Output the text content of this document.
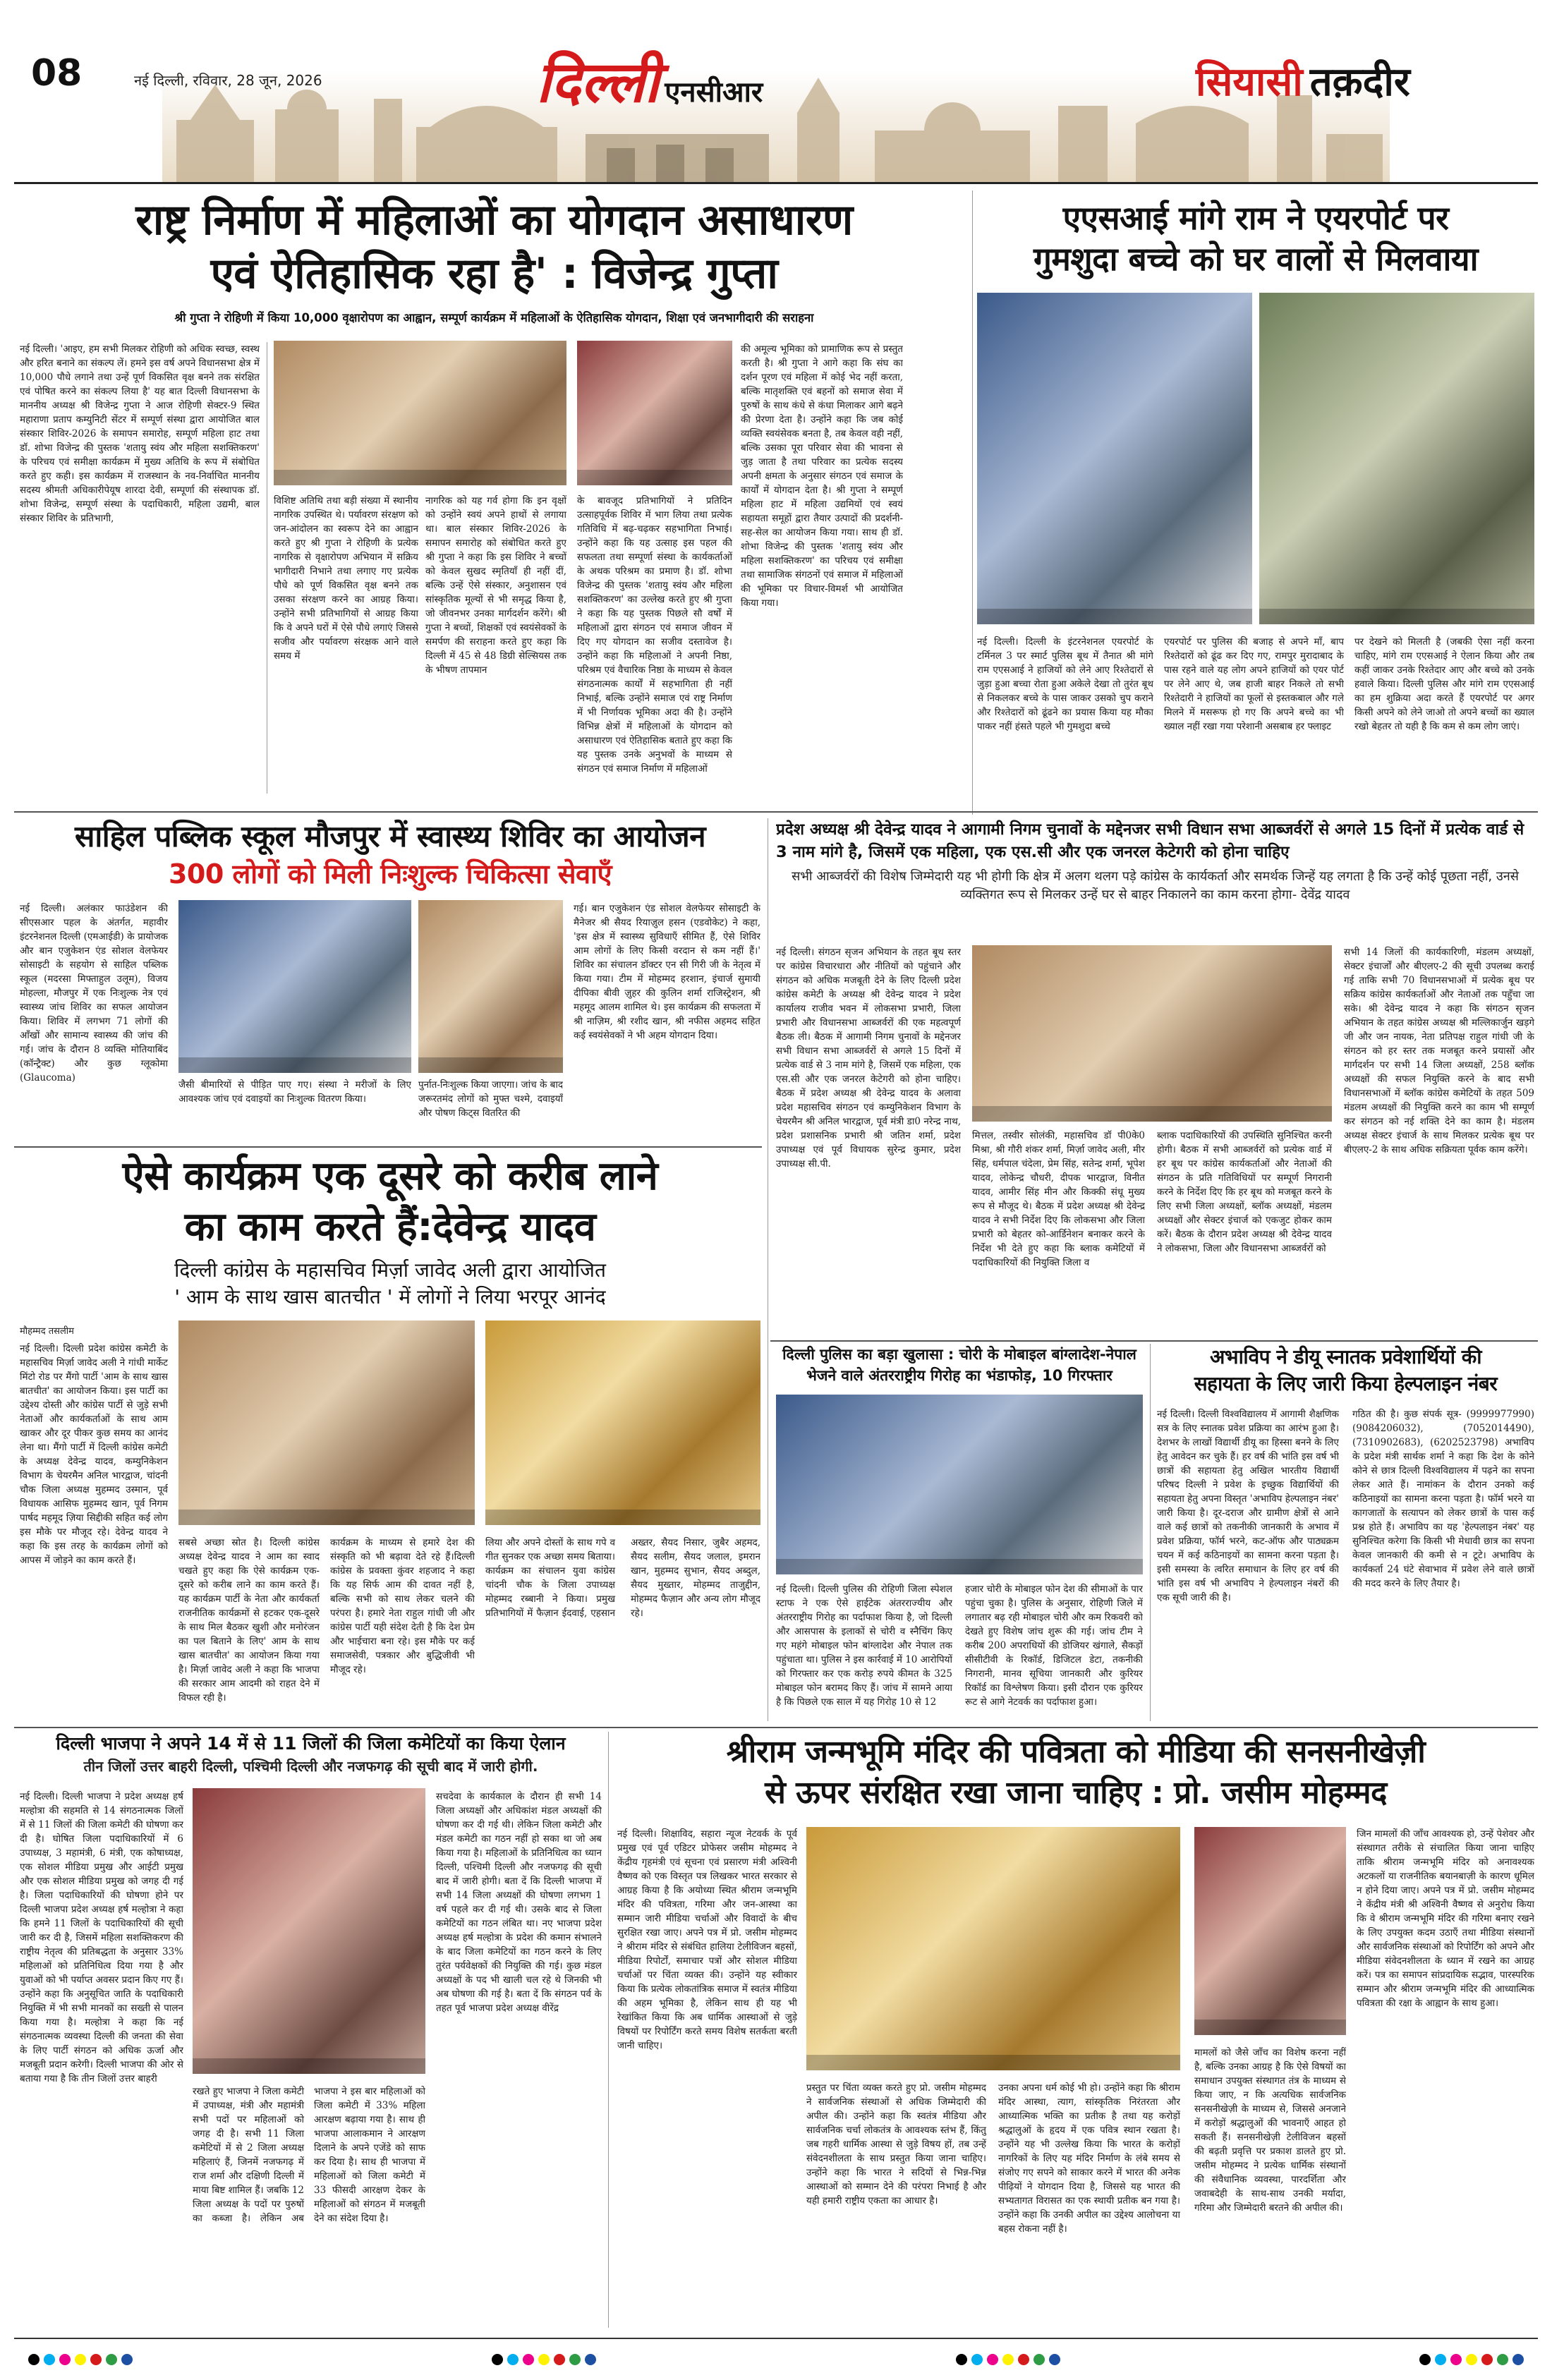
08	नई दिल्ली, रविवार, 28 जून, 2026	दिल्ली एनसीआर	सियासी तक़दीर
राष्ट्र निर्माण में महिलाओं का योगदान असाधारण
एवं ऐतिहासिक रहा है' : विजेन्द्र गुप्ता
श्री गुप्ता ने रोहिणी में किया 10,000 वृक्षारोपण का आह्वान, सम्पूर्ण कार्यक्रम में महिलाओं के ऐतिहासिक योगदान, शिक्षा एवं जनभागीदारी की सराहना
नई दिल्ली। 'आइए, हम सभी मिलकर रोहिणी को अधिक स्वच्छ, स्वस्थ और हरित बनाने का संकल्प लें। हमने इस वर्ष अपने विधानसभा क्षेत्र में 10,000 पौधे लगाने तथा उन्हें पूर्ण विकसित वृक्ष बनने तक संरक्षित एवं पोषित करने का संकल्प लिया है' यह बात दिल्ली विधानसभा के माननीय अध्यक्ष श्री विजेन्द्र गुप्ता ने आज रोहिणी सेक्टर-9 स्थित महाराणा प्रताप कम्युनिटी सेंटर में सम्पूर्ण संस्था द्वारा आयोजित बाल संस्कार शिविर-2026 के समापन समारोह, सम्पूर्ण महिला हाट तथा डॉ. शोभा विजेन्द्र की पुस्तक 'शतायु स्वंय और महिला सशक्तिकरण' के परिचय एवं समीक्षा कार्यक्रम में मुख्य अतिथि के रूप में संबोधित करते हुए कही। इस कार्यक्रम में राजस्थान के नव-निर्वाचित माननीय सदस्य श्रीमती अधिकारीपेयूष शारदा देवी, सम्पूर्णा की संस्थापक डॉ. शोभा विजेन्द्र, सम्पूर्ण संस्था के पदाधिकारी, महिला उद्यमी, बाल संस्कार शिविर के प्रतिभागी,
विशिष्ट अतिथि तथा बड़ी संख्या में स्थानीय नागरिक उपस्थित थे। पर्यावरण संरक्षण को जन-आंदोलन का स्वरूप देने का आह्वान करते हुए श्री गुप्ता ने रोहिणी के प्रत्येक नागरिक से वृक्षारोपण अभियान में सक्रिय भागीदारी निभाने तथा लगाए गए प्रत्येक पौधे को पूर्ण विकसित वृक्ष बनने तक उसका संरक्षण करने का आग्रह किया। उन्होंने सभी प्रतिभागियों से आग्रह किया कि वे अपने घरों में ऐसे पौधे लगाएं जिससे सजीव और पर्यावरण संरक्षक आने वाले समय में
नागरिक को यह गर्व होगा कि इन वृक्षों को उन्होंने स्वयं अपने हाथों से लगाया था। बाल संस्कार शिविर-2026 के समापन समारोह को संबोधित करते हुए श्री गुप्ता ने कहा कि इस शिविर ने बच्चों को केवल सुखद स्मृतियाँ ही नहीं दीं, बल्कि उन्हें ऐसे संस्कार, अनुशासन एवं सांस्कृतिक मूल्यों से भी समृद्ध किया है, जो जीवनभर उनका मार्गदर्शन करेंगे। श्री गुप्ता ने बच्चों, शिक्षकों एवं स्वयंसेवकों के समर्पण की सराहना करते हुए कहा कि दिल्ली में 45 से 48 डिग्री सेल्सियस तक के भीषण तापमान
के बावजूद प्रतिभागियों ने प्रतिदिन उत्साहपूर्वक शिविर में भाग लिया तथा प्रत्येक गतिविधि में बढ़-चढ़कर सहभागिता निभाई। उन्होंने कहा कि यह उत्साह इस पहल की सफलता तथा सम्पूर्णा संस्था के कार्यकर्ताओं के अथक परिश्रम का प्रमाण है। डॉ. शोभा विजेन्द्र की पुस्तक 'शतायु स्वंय और महिला सशक्तिकरण' का उल्लेख करते हुए श्री गुप्ता ने कहा कि यह पुस्तक पिछले सौ वर्षों में महिलाओं द्वारा संगठन एवं समाज जीवन में दिए गए योगदान का सजीव दस्तावेज है। उन्होंने कहा कि महिलाओं ने अपनी निष्ठा, परिश्रम एवं वैचारिक निष्ठा के माध्यम से केवल संगठनात्मक कार्यों में सहभागिता ही नहीं निभाई, बल्कि उन्होंने समाज एवं राष्ट्र निर्माण में भी निर्णायक भूमिका अदा की है। उन्होंने विभिन्न क्षेत्रों में महिलाओं के योगदान को असाधारण एवं ऐतिहासिक बताते हुए कहा कि यह पुस्तक उनके अनुभवों के माध्यम से संगठन एवं समाज निर्माण में महिलाओं
की अमूल्य भूमिका को प्रामाणिक रूप से प्रस्तुत करती है। श्री गुप्ता ने आगे कहा कि संघ का दर्शन पूरण एवं महिला में कोई भेद नहीं करता, बल्कि मातृशक्ति एवं बहनों को समाज सेवा में पुरुषों के साथ कंधे से कंधा मिलाकर आगे बढ़ने की प्रेरणा देता है। उन्होंने कहा कि जब कोई व्यक्ति स्वयंसेवक बनता है, तब केवल वही नहीं, बल्कि उसका पूरा परिवार सेवा की भावना से जुड़ जाता है तथा परिवार का प्रत्येक सदस्य अपनी क्षमता के अनुसार संगठन एवं समाज के कार्यों में योगदान देता है। श्री गुप्ता ने सम्पूर्ण महिला हाट में महिला उद्यमियों एवं स्वयं सहायता समूहों द्वारा तैयार उत्पादों की प्रदर्शनी-सह-सेल का आयोजन किया गया। साथ ही डॉ. शोभा विजेन्द्र की पुस्तक 'शतायु स्वंय और महिला सशक्तिकरण' का परिचय एवं समीक्षा तथा सामाजिक संगठनों एवं समाज में महिलाओं की भूमिका पर विचार-विमर्श भी आयोजित किया गया।
एएसआई मांगे राम ने एयरपोर्ट पर
गुमशुदा बच्चे को घर वालों से मिलवाया
नई दिल्ली। दिल्ली के इंटरनेशनल एयरपोर्ट के टर्मिनल 3 पर स्मार्ट पुलिस बूथ में तैनात श्री मांगे राम एएसआई ने हाजियों को लेने आए रिश्तेदारों से जुड़ा हुआ बच्चा रोता हुआ अकेले देखा तो तुरंत बूथ से निकलकर बच्चे के पास जाकर उसको चुप कराने और रिश्तेदारों को ढूंढने का प्रयास किया यह मौका पाकर नहीं हंसते पहले भी गुमशुदा बच्चे
एयरपोर्ट पर पुलिस की बजाह से अपने माँ, बाप रिश्तेदारों को ढूंढ कर दिए गए, रामपुर मुरादाबाद के पास रहने वाले यह लोग अपने हाजियों को एयर पोर्ट पर लेने आए थे, जब हाजी बाहर निकले तो सभी रिश्तेदारी ने हाजियों का फूलों से इस्तकबाल और गले मिलने में मसरूफ हो गए कि अपने बच्चे का भी ख्याल नहीं रखा गया परेशानी असबाब हर फ्लाइट
पर देखने को मिलती है (जबकी ऐसा नहीं करना चाहिए, मांगे राम एएसआई ने ऐलान किया और तब कहीं जाकर उनके रिश्तेदार आए और बच्चे को उनके हवाले किया। दिल्ली पुलिस और मांगे राम एएसआई का हम शुक्रिया अदा करते हैं एयरपोर्ट पर अगर किसी अपने को लेने जाओ तो अपने बच्चों का ख्याल रखो बेहतर तो यही है कि कम से कम लोग जाएं।
साहिल पब्लिक स्कूल मौजपुर में स्वास्थ्य शिविर का आयोजन
300 लोगों को मिली निःशुल्क चिकित्सा सेवाएँ
नई दिल्ली। अलंकार फाउंडेशन की सीएसआर पहल के अंतर्गत, महावीर इंटरनेशनल दिल्ली (एमआईडी) के प्रायोजक और बान एजुकेशन एंड सोशल वेलफेयर सोसाइटी के सहयोग से साहिल पब्लिक स्कूल (मदरसा मिफ्ताहुल उलूम), विजय मोहल्ला, मौजपुर में एक निःशुल्क नेत्र एवं स्वास्थ्य जांच शिविर का सफल आयोजन किया। शिविर में लगभग 71 लोगों की आँखों और सामान्य स्वास्थ्य की जांच की गई। जांच के दौरान 8 व्यक्ति मोतियाबिंद (कॉन्ट्रैक्ट) और कुछ ग्लूकोमा (Glaucoma)
जैसी बीमारियों से पीड़ित पाए गए। संस्था ने मरीजों के लिए आवश्यक जांच एवं दवाइयों का निःशुल्क वितरण किया।
पुर्नात-निःशुल्क किया जाएगा। जांच के बाद जरूरतमंद लोगों को मुफ्त चश्मे, दवाइयाँ और पोषण किट्स वितरित की
गई। बान एजुकेशन एंड सोशल वेलफेयर सोसाइटी के मैनेजर श्री सैयद रियाज़ुल हसन (एडवोकेट) ने कहा, 'इस क्षेत्र में स्वास्थ्य सुविधाएँ सीमित हैं, ऐसे शिविर आम लोगों के लिए किसी वरदान से कम नहीं हैं।' शिविर का संचालन डॉक्टर एन सी गिरी जी के नेतृत्व में किया गया। टीम में मोहम्मद हरशान, इंचार्ज सुमायी दीपिका बीवी ज़ुहर की कुलिन शर्मा राजिस्ट्रेशन, श्री महमूद आलम शामिल थे। इस कार्यक्रम की सफलता में श्री नाज़िम, श्री रशीद खान, श्री नफीस अहमद सहित कई स्वयंसेवकों ने भी अहम योगदान दिया।
प्रदेश अध्यक्ष श्री देवेन्द्र यादव ने आगामी निगम चुनावों के मद्देनजर सभी विधान सभा आब्जर्वरों से अगले 15 दिनों में प्रत्येक वार्ड से 3 नाम मांगे है, जिसमें एक महिला, एक एस.सी और एक जनरल केटेगरी को होना चाहिए
सभी आब्जर्वरों की विशेष जिम्मेदारी यह भी होगी कि क्षेत्र में अलग थलग पड़े कांग्रेस के कार्यकर्ता और समर्थक जिन्हें यह लगता है कि उन्हें कोई पूछता नहीं, उनसे व्यक्तिगत रूप से मिलकर उन्हें घर से बाहर निकालने का काम करना होगा- देवेंद्र यादव
नई दिल्ली। संगठन सृजन अभियान के तहत बूथ स्तर पर कांग्रेस विचारधारा और नीतियों को पहुंचाने और संगठन को अधिक मजबूती देने के लिए दिल्ली प्रदेश कांग्रेस कमेटी के अध्यक्ष श्री देवेन्द्र यादव ने प्रदेश कार्यालय राजीव भवन में लोकसभा प्रभारी, जिला प्रभारी और विधानसभा आब्जर्वरों की एक महत्वपूर्ण बैठक ली। बैठक में आगामी निगम चुनावों के मद्देनजर सभी विधान सभा आब्जर्वरों से अगले 15 दिनों में प्रत्येक वार्ड से 3 नाम मांगे है, जिसमें एक महिला, एक एस.सी और एक जनरल केटेगरी को होना चाहिए। बैठक में प्रदेश अध्यक्ष श्री देवेन्द्र यादव के अलावा प्रदेश महासचिव संगठन एवं कम्युनिकेशन विभाग के चेयरमैन श्री अनिल भारद्वाज, पूर्व मंत्री डा0 नरेन्द्र नाथ, प्रदेश प्रशासनिक प्रभारी श्री जतिन शर्मा, प्रदेश उपाध्यक्ष एवं पूर्व विधायक सुरेन्द्र कुमार, प्रदेश उपाध्यक्ष सी.पी.
मित्तल, तस्वीर सोलंकी, महासचिव डॉ पी0के0 मिश्रा, श्री गौरी शंकर शर्मा, मिर्ज़ा जावेद अली, मीर सिंह, धर्मपाल चंदेला, प्रेम सिंह, सतेन्द्र शर्मा, भूपेश यादव, लोकेन्द्र चौधरी, दीपक भारद्वाज, विनीत यादव, आमीर सिंह मीन और किक्की संधू मुख्य रूप से मौजूद थे। बैठक में प्रदेश अध्यक्ष श्री देवेन्द्र यादव ने सभी निर्देश दिए कि लोकसभा और जिला प्रभारी को बेहतर को-आर्डिनेशन बनाकर करने के निर्देश भी देते हुए कहा कि ब्लाक कमेटियों में पदाधिकारियों की नियुक्ति जिला व
ब्लाक पदाधिकारियों की उपस्थिति सुनिश्चित करनी होगी। बैठक में सभी आब्जर्वरों को प्रत्येक वार्ड में हर बूथ पर कांग्रेस कार्यकर्ताओं और नेताओं की संगठन के प्रति गतिविधियों पर सम्पूर्ण निगरानी करने के निर्देश दिए कि हर बूथ को मजबूत करने के लिए सभी जिला अध्यक्षों, ब्लॉक अध्यक्षों, मंडलम अध्यक्षों और सेक्टर इंचार्ज को एकजुट होकर काम करें। बैठक के दौरान प्रदेश अध्यक्ष श्री देवेन्द्र यादव ने लोकसभा, जिला और विधानसभा आब्जर्वरों को
सभी 14 जिलों की कार्यकारिणी, मंडलम अध्यक्षों, सेक्टर इंचार्जों और बीएलए-2 की सूची उपलब्ध कराई गई ताकि सभी 70 विधानसभाओं में प्रत्येक बूथ पर सक्रिय कांग्रेस कार्यकर्ताओं और नेताओं तक पहुँचा जा सके। श्री देवेन्द्र यादव ने कहा कि संगठन सृजन अभियान के तहत कांग्रेस अध्यक्ष श्री मल्लिकार्जुन खड़गे जी और जन नायक, नेता प्रतिपक्ष राहुल गांधी जी के संगठन को हर स्तर तक मजबूत करने प्रयासों और मार्गदर्शन पर सभी 14 जिला अध्यक्षों, 258 ब्लॉक अध्यक्षों की सफल नियुक्ति करने के बाद सभी विधानसभाओं में ब्लॉक कांग्रेस कमेटियों के तहत 509 मंडलम अध्यक्षों की नियुक्ति करने का काम भी सम्पूर्ण कर संगठन को नई शक्ति देने का काम है। मंडलम अध्यक्ष सेक्टर इंचार्ज के साथ मिलकर प्रत्येक बूथ पर बीएलए-2 के साथ अधिक सक्रियता पूर्वक काम करेंगे।
ऐसे कार्यक्रम एक दूसरे को करीब लाने
का काम करते हैं:देवेन्द्र यादव
दिल्ली कांग्रेस के महासचिव मिर्ज़ा जावेद अली द्वारा आयोजित
' आम के साथ खास बातचीत ' में लोगों ने लिया भरपूर आनंद
मौहम्मद तसलीम
नई दिल्ली। दिल्ली प्रदेश कांग्रेस कमेटी के महासचिव मिर्ज़ा जावेद अली ने गांधी मार्केट मिंटो रोड पर मैंगो पार्टी 'आम के साथ खास बातचीत' का आयोजन किया। इस पार्टी का उद्देश्य दोस्ती और कांग्रेस पार्टी से जुड़े सभी नेताओं और कार्यकर्ताओं के साथ आम खाकर और दूर पीकर कुछ समय का आनंद लेना था। मैंगो पार्टी में दिल्ली कांग्रेस कमेटी के अध्यक्ष देवेन्द्र यादव, कम्युनिकेशन विभाग के चेयरमैन अनिल भारद्वाज, चांदनी चौक जिला अध्यक्ष मुहम्मद उस्मान, पूर्व विधायक आसिफ मुहम्मद खान, पूर्व निगम पार्षद महमूद ज़िया सिद्दीकी सहित कई लोग इस मौके पर मौजूद रहे। देवेन्द्र यादव ने कहा कि इस तरह के कार्यक्रम लोगों को आपस में जोड़ने का काम करते हैं।
सबसे अच्छा स्रोत है। दिल्ली कांग्रेस अध्यक्ष देवेन्द्र यादव ने आम का स्वाद चखते हुए कहा कि ऐसे कार्यक्रम एक-दूसरे को करीब लाने का काम करते हैं। यह कार्यक्रम पार्टी के नेता और कार्यकर्ता राजनीतिक कार्यक्रमों से हटकर एक-दूसरे के साथ मिल बैठकर खुशी और मनोरंजन का पल बिताने के लिए' आम के साथ खास बातचीत' का आयोजन किया गया है। मिर्ज़ा जावेद अली ने कहा कि भाजपा की सरकार आम आदमी को राहत देने में विफल रही है।
कार्यक्रम के माध्यम से हमारे देश की संस्कृति को भी बढ़ावा देते रहे हैं।दिल्ली कांग्रेस के प्रवक्ता कुंवर शहजाद ने कहा कि यह सिर्फ आम की दावत नहीं है, बल्कि सभी को साथ लेकर चलने की परंपरा है। हमारे नेता राहुल गांधी जी और कांग्रेस पार्टी यही संदेश देती है कि देश प्रेम और भाईचारा बना रहे। इस मौके पर कई समाजसेवी, पत्रकार और बुद्धिजीवी भी मौजूद रहे।
लिया और अपने दोस्तों के साथ गपे व गीत सुनकर एक अच्छा समय बिताया। कार्यक्रम का संचालन युवा कांग्रेस चांदनी चौक के जिला उपाध्यक्ष मोहम्मद रब्बानी ने किया। प्रमुख प्रतिभागियों में फैज़ान ईदवाई, एहसान अख्तर, सैयद निसार, जुबैर अहमद, सैयद सलीम, सैयद जलाल, इमरान खान, मुहम्मद सुभान, सैयद अब्दुल, सैयद मुख्तार, मोहम्मद ताजुद्दीन, मोहम्मद फैज़ान और अन्य लोग मौजूद रहे।
दिल्ली पुलिस का बड़ा खुलासा : चोरी के मोबाइल बांग्लादेश-नेपाल
भेजने वाले अंतरराष्ट्रीय गिरोह का भंडाफोड़, 10 गिरफ्तार
नई दिल्ली। दिल्ली पुलिस की रोहिणी जिला स्पेशल स्टाफ ने एक ऐसे हाईटेक अंतरराज्यीय और अंतरराष्ट्रीय गिरोह का पर्दाफाश किया है, जो दिल्ली और आसपास के इलाकों से चोरी व स्नैचिंग किए गए महंगे मोबाइल फोन बांग्लादेश और नेपाल तक पहुंचाता था। पुलिस ने इस कार्रवाई में 10 आरोपियों को गिरफ्तार कर एक करोड़ रुपये कीमत के 325 मोबाइल फोन बरामद किए हैं। जांच में सामने आया है कि पिछले एक साल में यह गिरोह 10 से 12
हजार चोरी के मोबाइल फोन देश की सीमाओं के पार पहुंचा चुका है। पुलिस के अनुसार, रोहिणी जिले में लगातार बढ़ रही मोबाइल चोरी और कम रिकवरी को देखते हुए विशेष जांच शुरू की गई। जांच टीम ने करीब 200 अपराधियों की डोजियर खंगाले, सैकड़ों सीसीटीवी के रिकॉर्ड, डिजिटल डेटा, तकनीकी निगरानी, मानव सूचिया जानकारी और कुरियर रिकॉर्ड का विश्लेषण किया। इसी दौरान एक कुरियर रूट से आगे नेटवर्क का पर्दाफाश हुआ।
अभाविप ने डीयू स्नातक प्रवेशार्थियों की
सहायता के लिए जारी किया हेल्पलाइन नंबर
नई दिल्ली। दिल्ली विश्वविद्यालय में आगामी शैक्षणिक सत्र के लिए स्नातक प्रवेश प्रक्रिया का आरंभ हुआ है। देशभर के लाखों विद्यार्थी डीयू का हिस्सा बनने के लिए हेतु आवेदन कर चुके हैं। हर वर्ष की भांति इस वर्ष भी छात्रों की सहायता हेतु अखिल भारतीय विद्यार्थी परिषद दिल्ली ने प्रवेश के इच्छुक विद्यार्थियों की सहायता हेतु अपना विस्तृत 'अभाविप हेल्पलाइन नंबर' जारी किया है। दूर-दराज और ग्रामीण क्षेत्रों से आने वाले कई छात्रों को तकनीकी जानकारी के अभाव में प्रवेश प्रक्रिया, फॉर्म भरने, कट-ऑफ और पाठ्यक्रम चयन में कई कठिनाइयों का सामना करना पड़ता है। इसी समस्या के त्वरित समाधान के लिए हर वर्ष की भांति इस वर्ष भी अभाविप ने हेल्पलाइन नंबरों की एक सूची जारी की है।
गठित की है। कुछ संपर्क सूत्र- (9999977990) (9084206032), (7052014490), (7310902683), (6202523798) अभाविप के प्रदेश मंत्री सार्थक शर्मा ने कहा कि देश के कोने कोने से छात्र दिल्ली विश्वविद्यालय में पढ़ने का सपना लेकर आते हैं। नामांकन के दौरान उनको कई कठिनाइयों का सामना करना पड़ता है। फॉर्म भरने या कागजातों के सत्यापन को लेकर छात्रों के पास कई प्रश्न होते हैं। अभाविप का यह 'हेल्पलाइन नंबर' यह सुनिश्चित करेगा कि किसी भी मेधावी छात्र का सपना केवल जानकारी की कमी से न टूटे। अभाविप के कार्यकर्ता 24 घंटे सेवाभाव में प्रवेश लेने वाले छात्रों की मदद करने के लिए तैयार है।
दिल्ली भाजपा ने अपने 14 में से 11 जिलों की जिला कमेटियों का किया ऐलान
तीन जिलों उत्तर बाहरी दिल्ली, पश्चिमी दिल्ली और नजफगढ़ की सूची बाद में जारी होगी.
नई दिल्ली। दिल्ली भाजपा ने प्रदेश अध्यक्ष हर्ष मल्होत्रा की सहमति से 14 संगठनात्मक जिलों में से 11 जिलों की जिला कमेटी की घोषणा कर दी है। घोषित जिला पदाधिकारियों में 6 उपाध्यक्ष, 3 महामंत्री, 6 मंत्री, एक कोषाध्यक्ष, एक सोशल मीडिया प्रमुख और आईटी प्रमुख और एक सोशल मीडिया प्रमुख को जगह दी गई है। जिला पदाधिकारियों की घोषणा होने पर दिल्ली भाजपा प्रदेश अध्यक्ष हर्ष मल्होत्रा ने कहा कि हमने 11 जिलों के पदाधिकारियों की सूची जारी कर दी है, जिसमें महिला सशक्तिकरण की राष्ट्रीय नेतृत्व की प्रतिबद्धता के अनुसार 33% महिलाओं को प्रतिनिधित्व दिया गया है और युवाओं को भी पर्याप्त अवसर प्रदान किए गए हैं। उन्होंने कहा कि अनुसूचित जाति के पदाधिकारी नियुक्ति में भी सभी मानकों का सख्ती से पालन किया गया है। मल्होत्रा ने कहा कि नई संगठनात्मक व्यवस्था दिल्ली की जनता की सेवा के लिए पार्टी संगठन को अधिक ऊर्जा और मजबूती प्रदान करेगी। दिल्ली भाजपा की ओर से बताया गया है कि तीन जिलों उत्तर बाहरी
सचदेवा के कार्यकाल के दौरान ही सभी 14 जिला अध्यक्षों और अधिकांश मंडल अध्यक्षों की घोषणा कर दी गई थी। लेकिन जिला कमेटी और मंडल कमेटी का गठन नहीं हो सका था जो अब किया गया है। महिलाओं के प्रतिनिधित्व का ध्यान दिल्ली, पश्चिमी दिल्ली और नजफगढ़ की सूची बाद में जारी होगी। बता दें कि दिल्ली भाजपा में सभी 14 जिला अध्यक्षों की घोषणा लगभग 1 वर्ष पहले कर दी गई थी। उसके बाद से जिला कमेटियों का गठन लंबित था। नए भाजपा प्रदेश अध्यक्ष हर्ष मल्होत्रा के प्रदेश की कमान संभालने के बाद जिला कमेटियों का गठन करने के लिए तुरंत पर्यवेक्षकों की नियुक्ति की गई। कुछ मंडल अध्यक्षों के पद भी खाली चल रहे थे जिनकी भी अब घोषणा की गई है। बता दें कि संगठन पर्व के तहत पूर्व भाजपा प्रदेश अध्यक्ष वीरेंद्र
रखते हुए भाजपा ने जिला कमेटी में उपाध्यक्ष, मंत्री और महामंत्री सभी पदों पर महिलाओं को जगह दी है। सभी 11 जिला कमेटियों में से 2 जिला अध्यक्ष महिलाएं हैं, जिनमें नजफगढ़ में राज शर्मा और दक्षिणी दिल्ली में माया बिष्ट शामिल हैं। जबकि 12 जिला अध्यक्ष के पदों पर पुरुषों का कब्जा है। लेकिन अब भाजपा ने इस बार महिलाओं को जिला कमेटी में 33% महिला आरक्षण बढ़ाया गया है। साथ ही भाजपा आलाकमान ने आरक्षण दिलाने के अपने एजेंडे को साफ कर दिया है। साथ ही भाजपा में महिलाओं को जिला कमेटी में 33 फीसदी आरक्षण देकर के महिलाओं को संगठन में मजबूती देने का संदेश दिया है।
श्रीराम जन्मभूमि मंदिर की पवित्रता को मीडिया की सनसनीखेज़ी
से ऊपर संरक्षित रखा जाना चाहिए : प्रो. जसीम मोहम्मद
नई दिल्ली। शिक्षाविद, सहारा न्यूज नेटवर्क के पूर्व प्रमुख एवं पूर्व एडिटर प्रोफेसर जसीम मोहम्मद ने केंद्रीय गृहमंत्री एवं सूचना एवं प्रसारण मंत्री अश्विनी वैष्णव को एक विस्तृत पत्र लिखकर भारत सरकार से आग्रह किया है कि अयोध्या स्थित श्रीराम जन्मभूमि मंदिर की पवित्रता, गरिमा और जन-आस्था का सम्मान जारी मीडिया चर्चाओं और विवादों के बीच सुरक्षित रखा जाए। अपने पत्र में प्रो. जसीम मोहम्मद ने श्रीराम मंदिर से संबंधित हालिया टेलीविजन बहसों, मीडिया रिपोर्टों, समाचार पत्रों और सोशल मीडिया चर्चाओं पर चिंता व्यक्त की। उन्होंने यह स्वीकार किया कि प्रत्येक लोकतांत्रिक समाज में स्वतंत्र मीडिया की अहम भूमिका है, लेकिन साथ ही यह भी रेखांकित किया कि अब धार्मिक आस्थाओं से जुड़े विषयों पर रिपोर्टिंग करते समय विशेष सतर्कता बरती जानी चाहिए।
प्रस्तुत पर चिंता व्यक्त करते हुए प्रो. जसीम मोहम्मद ने सार्वजनिक संस्थाओं से अधिक जिम्मेदारी की अपील की। उन्होंने कहा कि स्वतंत्र मीडिया और सार्वजनिक चर्चा लोकतंत्र के आवश्यक स्तंभ हैं, किंतु जब गहरी धार्मिक आस्था से जुड़े विषय हों, तब उन्हें संवेदनशीलता के साथ प्रस्तुत किया जाना चाहिए। उन्होंने कहा कि भारत ने सदियों से भिन्न-भिन्न आस्थाओं को सम्मान देने की परंपरा निभाई है और यही हमारी राष्ट्रीय एकता का आधार है।
उनका अपना धर्म कोई भी हो। उन्होंने कहा कि श्रीराम मंदिर आस्था, त्याग, सांस्कृतिक निरंतरता और आध्यात्मिक भक्ति का प्रतीक है तथा यह करोड़ों श्रद्धालुओं के हृदय में एक पवित्र स्थान रखता है। उन्होंने यह भी उल्लेख किया कि भारत के करोड़ों नागरिकों के लिए यह मंदिर निर्माण के लंबे समय से संजोए गए सपने को साकार करने में भारत की अनेक पीढ़ियों ने योगदान दिया है, जिससे यह भारत की सभ्यतागत विरासत का एक स्थायी प्रतीक बन गया है। उन्होंने कहा कि उनकी अपील का उद्देश्य आलोचना या बहस रोकना नहीं है।
मामलों को जैसे जाँच का विशेष करना नहीं है, बल्कि उनका आग्रह है कि ऐसे विषयों का समाधान उपयुक्त संस्थागत तंत्र के माध्यम से किया जाए, न कि अत्यधिक सार्वजनिक सनसनीखेज़ी के माध्यम से, जिससे अनजाने में करोड़ों श्रद्धालुओं की भावनाएँ आहत हो सकती हैं। सनसनीखेज़ी टेलीविजन बहसों की बढ़ती प्रवृत्ति पर प्रकाश डालते हुए प्रो. जसीम मोहम्मद ने प्रत्येक धार्मिक संस्थानों की संवैधानिक व्यवस्था, पारदर्शिता और जवाबदेही के साथ-साथ उनकी मर्यादा, गरिमा और जिम्मेदारी बरतने की अपील की।
जिन मामलों की जाँच आवश्यक हो, उन्हें पेशेवर और संस्थागत तरीके से संचालित किया जाना चाहिए ताकि श्रीराम जन्मभूमि मंदिर को अनावश्यक अटकलों या राजनीतिक बयानबाज़ी के कारण धूमिल न होने दिया जाए। अपने पत्र में प्रो. जसीम मोहम्मद ने केंद्रीय मंत्री श्री अश्विनी वैष्णव से अनुरोध किया कि वे श्रीराम जन्मभूमि मंदिर की गरिमा बनाए रखने के लिए उपयुक्त कदम उठाएँ तथा मीडिया संस्थानों और सार्वजनिक संस्थाओं को रिपोर्टिंग को अपने और मीडिया संवेदनशीलता के ध्यान में रखने का आग्रह करें। पत्र का समापन सांप्रदायिक सद्भाव, पारस्परिक सम्मान और श्रीराम जन्मभूमि मंदिर की आध्यात्मिक पवित्रता की रक्षा के आह्वान के साथ हुआ।
